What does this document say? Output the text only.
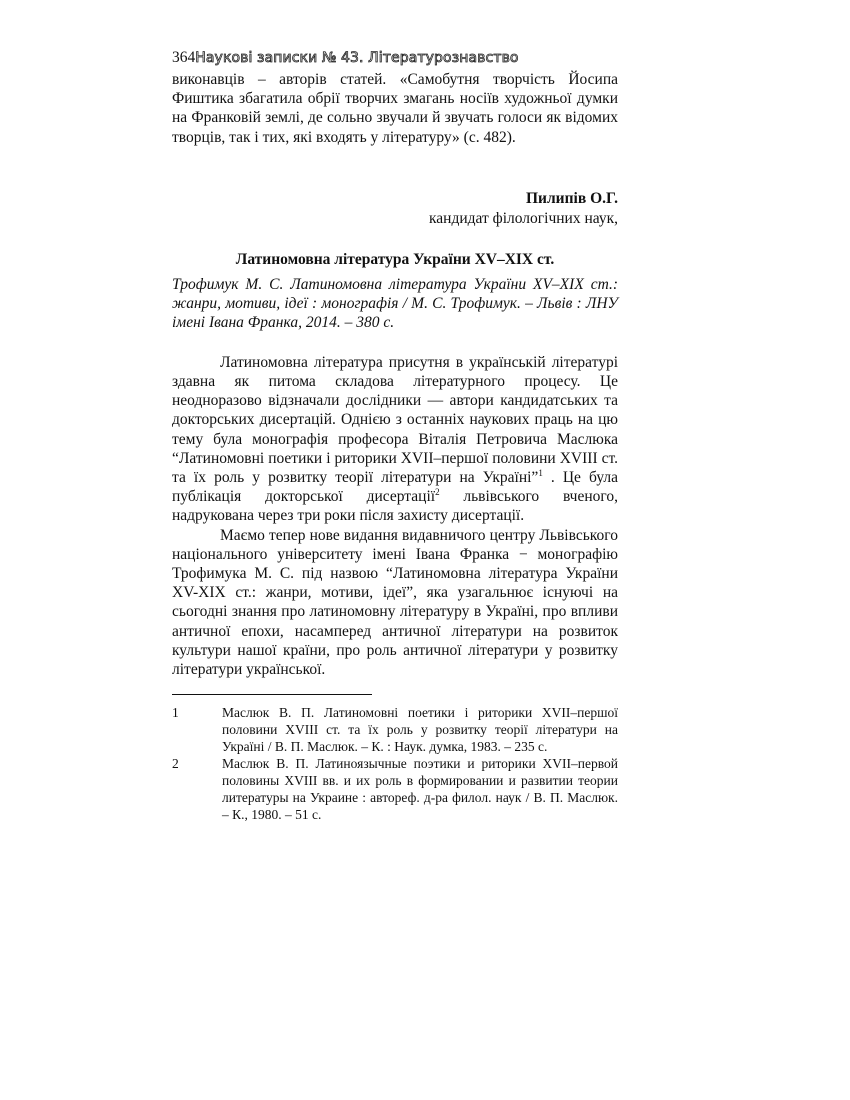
364Наукові записки № 43. Літературознавство

виконавців – авторів статей. «Самобутня творчість Йосипа Фиштика збагатила обрії творчих змагань носіїв художньої думки на Франковій землі, де сольно звучали й звучать голоси як відомих творців, так і тих, які входять у літературу» (с. 482).

Пилипів О.Г.
кандидат філологічних наук,
Латиномовна література України XV–XIX ст.
Трофимук М. С. Латиномовна література України XV–XIX ст.: жанри, мотиви, ідеї : монографія / М. С. Трофимук. – Львів : ЛНУ імені Івана Франка, 2014. – 380 с.

Латиномовна література присутня в українській літературі здавна як питома складова літературного процесу. Це неодноразово відзначали дослідники — автори кандидатських та докторських дисертацій. Однією з останніх наукових праць на цю тему була монографія професора Віталія Петровича Маслюка “Латиномовні поетики і риторики XVII–першої половини XVIII ст. та їх роль у розвитку теорії літератури на Україні”$^1$ . Це була публікація докторської дисертації$^2$ львівського вченого, надрукована через три роки після захисту дисертації.

Маємо тепер нове видання видавничого центру Львівського національного університету імені Івана Франка − монографію Трофимука М. С. під назвою “Латиномовна література України XV-XIX ст.: жанри, мотиви, ідеї”, яка узагальнює існуючі на сьогодні знання про латиномовну літературу в Україні, про впливи античної епохи, насамперед античної літератури на розвиток культури нашої країни, про роль античної літератури у розвитку літератури української.

1	Маслюк В. П. Латиномовні поетики і риторики XVII–першої половини XVIII ст. та їх роль у розвитку теорії літератури на Україні / В. П. Маслюк. – К. : Наук. думка, 1983. – 235 с.
2	Маслюк В. П. Латиноязычные поэтики и риторики XVII–первой половины XVIII вв. и их роль в формировании и развитии теории литературы на Украине : автореф. д-ра филол. наук / В. П. Маслюк. – К., 1980. – 51 с.
